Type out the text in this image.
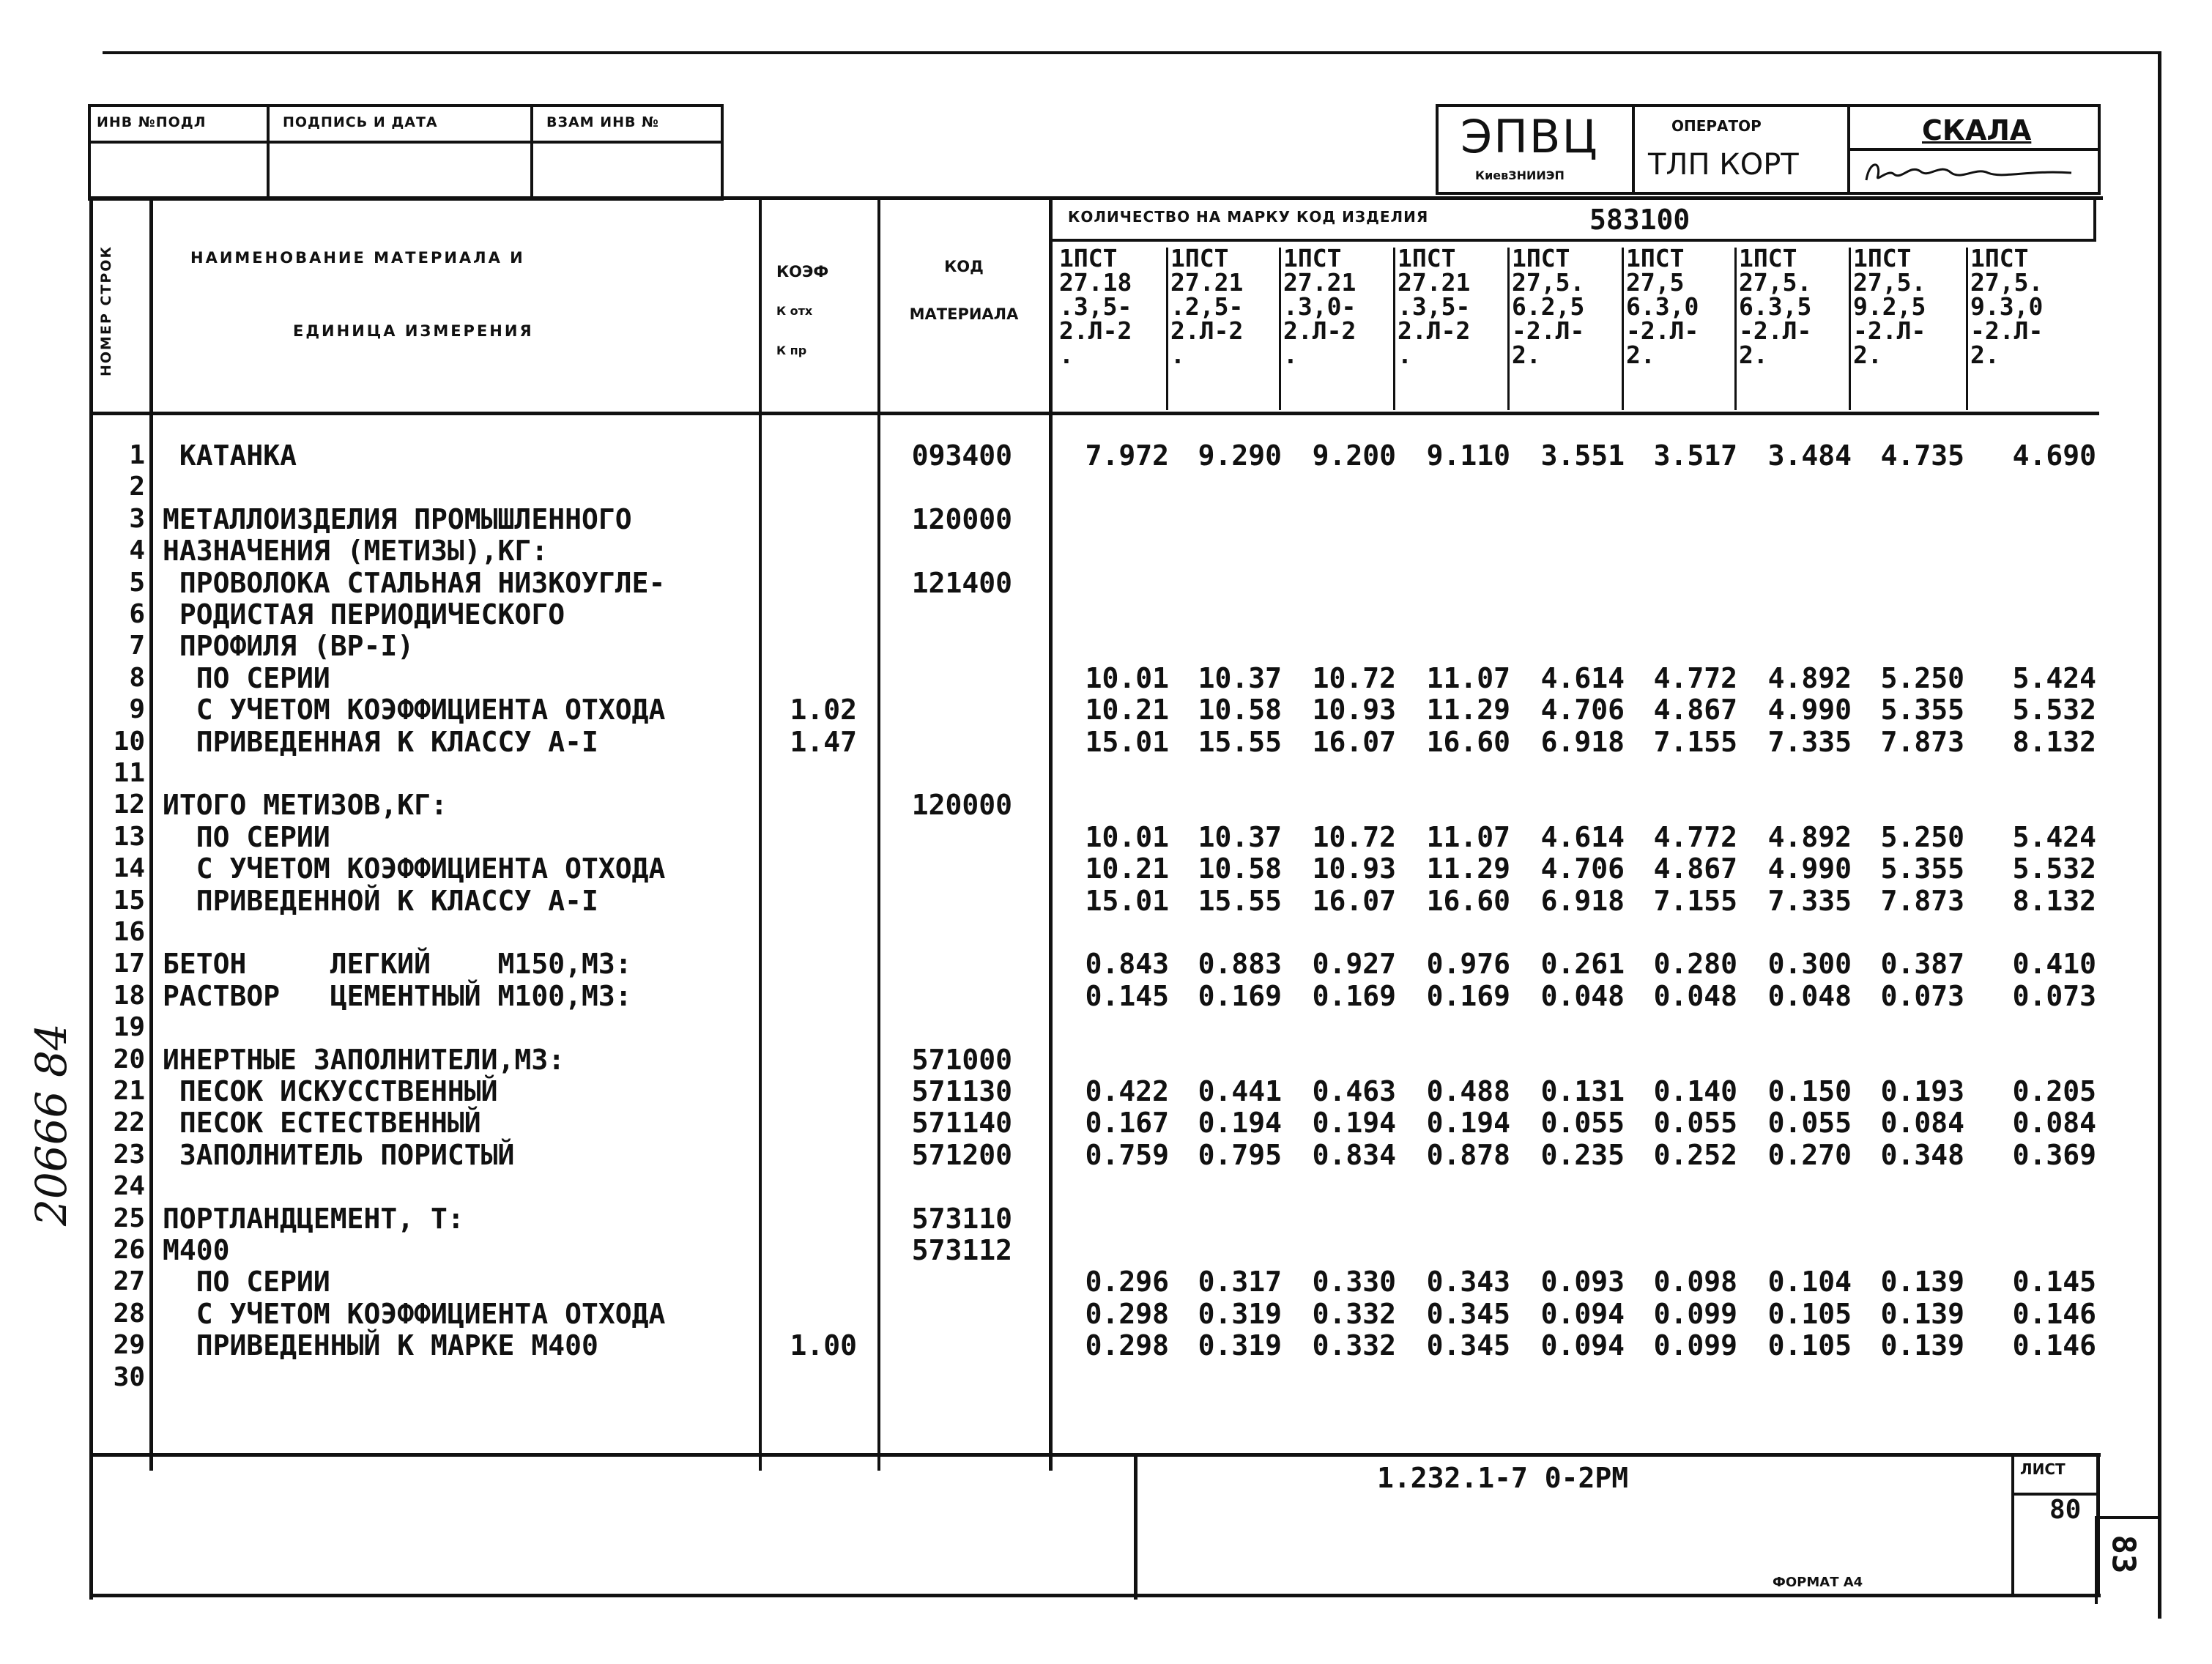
ИНВ №ПОДЛ	ПОДПИСЬ И ДАТА	ВЗАМ ИНВ №	ЭПВЦ
КиевЗНИИЭП
ОПЕРАТОР
ТЛП КОРТ
СКАЛА
НОМЕР СТРОК	НАИМЕНОВАНИЕ МАТЕРИАЛА И
ЕДИНИЦА ИЗМЕРЕНИЯ
КОЭФ
К отх
К пр
КОД
МАТЕРИАЛА
КОЛИЧЕСТВО НА МАРКУ КОД ИЗДЕЛИЯ	583100
1ПСТ
27.18
.3,5-
2.Л-2
.
1ПСТ
27.21
.2,5-
2.Л-2
.
1ПСТ
27.21
.3,0-
2.Л-2
.
1ПСТ
27.21
.3,5-
2.Л-2
.
1ПСТ
27,5.
6.2,5
-2.Л-
2.
1ПСТ
27,5
6.3,0
-2.Л-
2.
1ПСТ
27,5.
6.3,5
-2.Л-
2.
1ПСТ
27,5.
9.2,5
-2.Л-
2.
1ПСТ
27,5.
9.3,0
-2.Л-
2.
1 КАТАНКА	093400	7.972	9.290	9.200	9.110	3.551	3.517	3.484	4.735	4.690
2
3 МЕТАЛЛОИЗДЕЛИЯ ПРОМЫШЛЕННОГО	120000
4 НАЗНАЧЕНИЯ (МЕТИЗЫ),КГ:
5 ПРОВОЛОКА СТАЛЬНАЯ НИЗКОУГЛЕ-	121400
6 РОДИСТАЯ ПЕРИОДИЧЕСКОГО
7 ПРОФИЛЯ (ВР-I)
8 ПО СЕРИИ	10.01	10.37	10.72	11.07	4.614	4.772	4.892	5.250	5.424
9 С УЧЕТОМ КОЭФФИЦИЕНТА ОТХОДА	1.02	10.21	10.58	10.93	11.29	4.706	4.867	4.990	5.355	5.532
10 ПРИВЕДЕННАЯ К КЛАССУ А-I	1.47	15.01	15.55	16.07	16.60	6.918	7.155	7.335	7.873	8.132
11
12 ИТОГО МЕТИЗОВ,КГ:	120000
13 ПО СЕРИИ	10.01	10.37	10.72	11.07	4.614	4.772	4.892	5.250	5.424
14 С УЧЕТОМ КОЭФФИЦИЕНТА ОТХОДА	10.21	10.58	10.93	11.29	4.706	4.867	4.990	5.355	5.532
15 ПРИВЕДЕННОЙ К КЛАССУ А-I	15.01	15.55	16.07	16.60	6.918	7.155	7.335	7.873	8.132
16
17 БЕТОН     ЛЕГКИЙ    М150,М3:	0.843	0.883	0.927	0.976	0.261	0.280	0.300	0.387	0.410
18 РАСТВОР   ЦЕМЕНТНЫЙ М100,М3:	0.145	0.169	0.169	0.169	0.048	0.048	0.048	0.073	0.073
19
20 ИНЕРТНЫЕ ЗАПОЛНИТЕЛИ,М3:	571000
21 ПЕСОК ИСКУССТВЕННЫЙ	571130	0.422	0.441	0.463	0.488	0.131	0.140	0.150	0.193	0.205
22 ПЕСОК ЕСТЕСТВЕННЫЙ	571140	0.167	0.194	0.194	0.194	0.055	0.055	0.055	0.084	0.084
23 ЗАПОЛНИТЕЛЬ ПОРИСТЫЙ	571200	0.759	0.795	0.834	0.878	0.235	0.252	0.270	0.348	0.369
24
25 ПОРТЛАНДЦЕМЕНТ, Т:	573110
26 М400	573112
27 ПО СЕРИИ	0.296	0.317	0.330	0.343	0.093	0.098	0.104	0.139	0.145
28 С УЧЕТОМ КОЭФФИЦИЕНТА ОТХОДА	0.298	0.319	0.332	0.345	0.094	0.099	0.105	0.139	0.146
29 ПРИВЕДЕННЫЙ К МАРКЕ М400	1.00	0.298	0.319	0.332	0.345	0.094	0.099	0.105	0.139	0.146
30
1.232.1-7 0-2РМ	ЛИСТ
80
ФОРМАТ А4
83
20666 84
